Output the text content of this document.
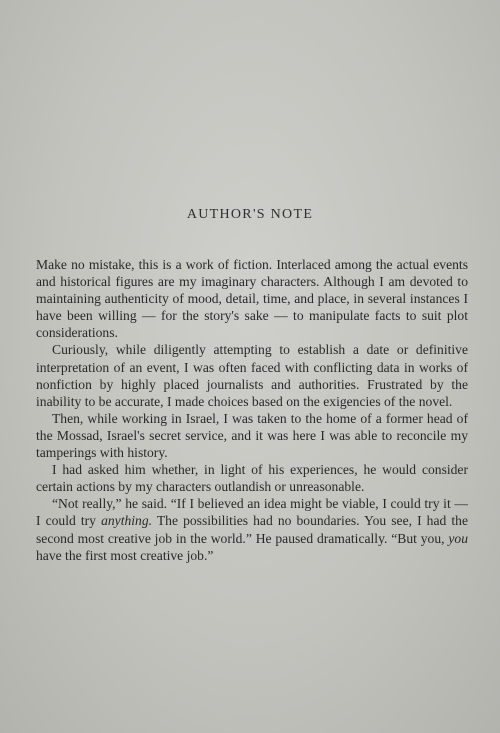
AUTHOR'S NOTE

Make no mistake, this is a work of fiction. Interlaced among the actual events and historical figures are my imaginary characters. Although I am devoted to maintaining authenticity of mood, detail, time, and place, in several instances I have been willing — for the story's sake — to manipulate facts to suit plot considerations.

Curiously, while diligently attempting to establish a date or definitive interpretation of an event, I was often faced with conflicting data in works of nonfiction by highly placed journalists and authorities. Frustrated by the inability to be accurate, I made choices based on the exigencies of the novel.

Then, while working in Israel, I was taken to the home of a former head of the Mossad, Israel's secret service, and it was here I was able to reconcile my tamperings with history.

I had asked him whether, in light of his experiences, he would consider certain actions by my characters outlandish or unreasonable.

“Not really,” he said. “If I believed an idea might be viable, I could try it — I could try anything. The possibilities had no boundaries. You see, I had the second most creative job in the world.” He paused dramatically. “But you, you have the first most creative job.”
